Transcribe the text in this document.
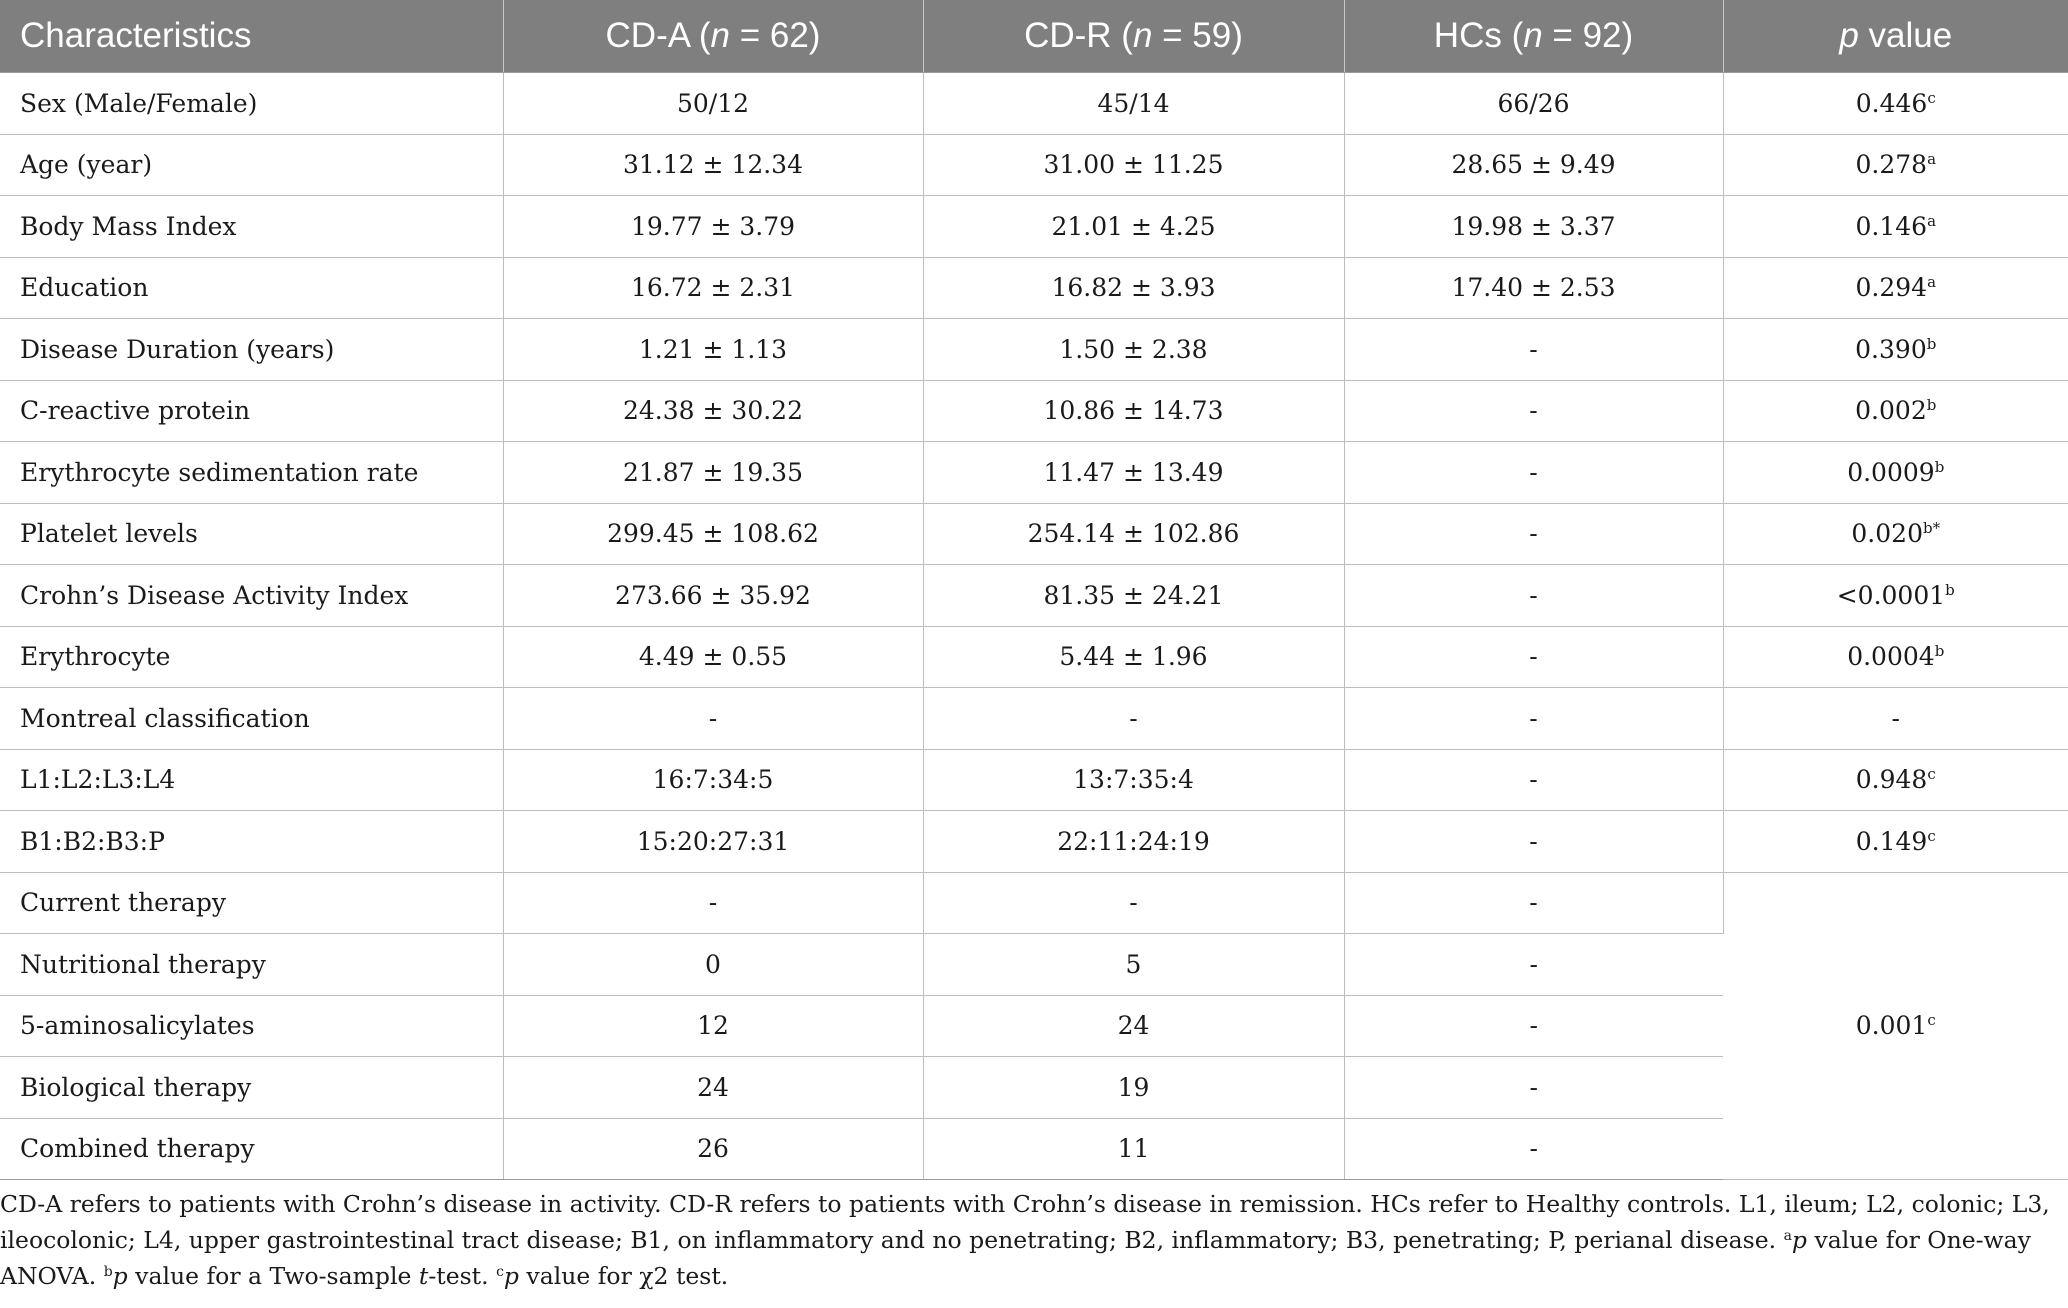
Characteristics	CD-A (n = 62)	CD-R (n = 59)	HCs (n = 92)	p value
Sex (Male/Female)	50/12	45/14	66/26	0.446$^c$
Age (year)	31.12 ± 12.34	31.00 ± 11.25	28.65 ± 9.49	0.278$^a$
Body Mass Index	19.77 ± 3.79	21.01 ± 4.25	19.98 ± 3.37	0.146$^a$
Education	16.72 ± 2.31	16.82 ± 3.93	17.40 ± 2.53	0.294$^a$
Disease Duration (years)	1.21 ± 1.13	1.50 ± 2.38	-	0.390$^b$
C-reactive protein	24.38 ± 30.22	10.86 ± 14.73	-	0.002$^b$
Erythrocyte sedimentation rate	21.87 ± 19.35	11.47 ± 13.49	-	0.0009$^b$
Platelet levels	299.45 ± 108.62	254.14 ± 102.86	-	$0.020^{b*}$
Crohn’s Disease Activity Index	273.66 ± 35.92	81.35 ± 24.21	-	<0.0001$^b$
Erythrocyte	4.49 ± 0.55	5.44 ± 1.96	-	0.0004$^b$
Montreal classification	-	-	-	-
L1:L2:L3:L4	16:7:34:5	13:7:35:4	-	0.948$^c$
B1:B2:B3:P	15:20:27:31	22:11:24:19	-	0.149$^c$
Current therapy	-	-	-	0.001$^c$
Nutritional therapy	0	5	-	
5-aminosalicylates	12	24	-	
Biological therapy	24	19	-	
Combined therapy	26	11	-	
CD-A refers to patients with Crohn’s disease in activity. CD-R refers to patients with Crohn’s disease in remission. HCs refer to Healthy controls. L1, ileum; L2, colonic; L3, ileocolonic; L4, upper gastrointestinal tract disease; B1, on inflammatory and no penetrating; B2, inflammatory; B3, penetrating; P, perianal disease. $^a$p value for One-way ANOVA. $^b$p value for a Two-sample t-test. $^c$p value for χ2 test.
